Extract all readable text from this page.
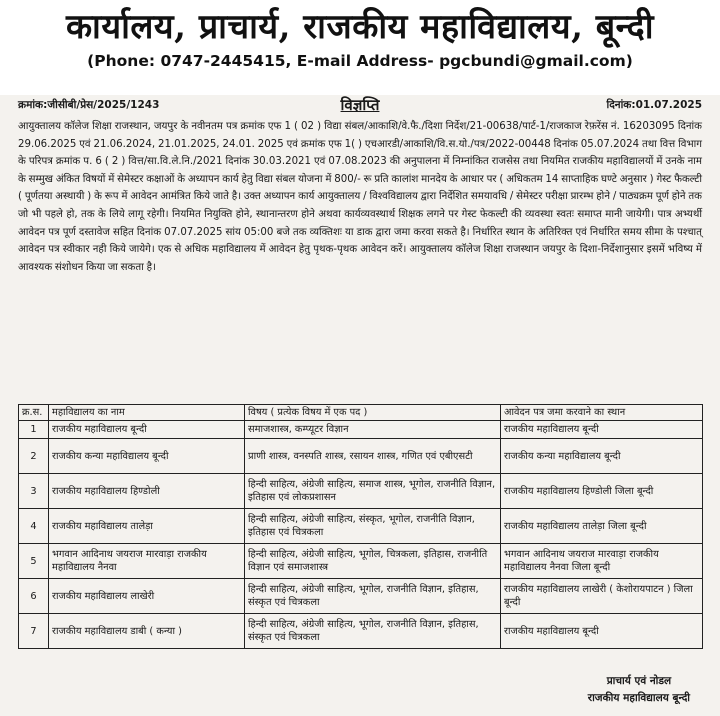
कार्यालय, प्राचार्य, राजकीय महाविद्यालय, बून्दी
(Phone: 0747-2445415, E-mail Address- pgcbundi@gmail.com)
क्रमांक:जीसीबी/प्रेस/2025/1243	विज्ञप्ति	दिनांक:01.07.2025
आयुक्तालय कॉलेज शिक्षा राजस्थान, जयपुर के नवीनतम पत्र क्रमांक एफ 1 ( 02 ) विद्या संबल/आकाशि/वे.फै./दिशा निर्देश/21-00638/पार्ट-1/राजकाज रेफ़रेंस नं. 16203095 दिनांक 29.06.2025 एवं 21.06.2024, 21.01.2025, 24.01. 2025 एवं क्रमांक एफ 1( ) एचआरडी/आकाशि/वि.स.यो./पत्र/2022-00448 दिनांक 05.07.2024 तथा वित्त विभाग के परिपत्र क्रमांक प. 6 ( 2 ) वित्त/सा.वि.ले.नि./2021 दिनांक 30.03.2021 एवं 07.08.2023 की अनुपालना में निम्नांकित राजसेस तथा नियमित राजकीय महाविद्यालयों में उनके नाम के सम्मुख अंकित विषयों में सेमेस्टर कक्षाओं के अध्यापन कार्य हेतु विद्या संबल योजना में 800/- रू प्रति कालांश मानदेय के आधार पर ( अधिकतम 14 साप्ताहिक घण्टे अनुसार ) गेस्ट फैकल्टी ( पूर्णतया अस्थायी ) के रूप में आवेदन आमंत्रित किये जाते है। उक्त अध्यापन कार्य आयुक्तालय / विश्वविद्यालय द्वारा निर्देशित समयावधि / सेमेस्टर परीक्षा प्रारम्भ होने / पाठ्यक्रम पूर्ण होने तक जो भी पहले हो, तक के लिये लागू रहेगी। नियमित नियुक्ति होने, स्थानान्तरण होने अथवा कार्यव्यवस्थार्थ शिक्षक लगने पर गेस्ट फेकल्टी की व्यवस्था स्वतः समाप्त मानी जायेगी। पात्र अभ्यर्थी आवेदन पत्र पूर्ण दस्तावेज सहित दिनांक 07.07.2025 सांय 05:00 बजे तक व्यक्तिशः या डाक द्वारा जमा करवा सकते है। निर्धारित स्थान के अतिरिक्त एवं निर्धारित समय सीमा के पश्चात् आवेदन पत्र स्वीकार नही किये जायेगे। एक से अधिक महाविद्यालय में आवेदन हेतु पृथक-पृथक आवेदन करें। आयुक्तालय कॉलेज शिक्षा राजस्थान जयपुर के दिशा-निर्देशानुसार इसमें भविष्य में आवश्यक संशोधन किया जा सकता है।
क्र.स.	महाविद्यालय का नाम	विषय ( प्रत्येक विषय में एक पद )	आवेदन पत्र जमा करवाने का स्थान
1	राजकीय महाविद्यालय बून्दी	समाजशास्त्र, कम्प्यूटर विज्ञान	राजकीय महाविद्यालय बून्दी
2	राजकीय कन्या महाविद्यालय बून्दी	प्राणी शास्त्र, वनस्पति शास्त्र, रसायन शास्त्र, गणित एवं एबीएसटी	राजकीय कन्या महाविद्यालय बून्दी
3	राजकीय महाविद्यालय हिण्डोली	हिन्दी साहित्य, अंग्रेजी साहित्य, समाज शास्त्र, भूगोल, राजनीति विज्ञान, इतिहास एवं लोकप्रशासन	राजकीय महाविद्यालय हिण्डोली जिला बून्दी
4	राजकीय महाविद्यालय तालेड़ा	हिन्दी साहित्य, अंग्रेजी साहित्य, संस्कृत, भूगोल, राजनीति विज्ञान, इतिहास एवं चित्रकला	राजकीय महाविद्यालय तालेड़ा जिला बून्दी
5	भगवान आदिनाथ जयराज मारवाड़ा राजकीय महाविद्यालय नैनवा	हिन्दी साहित्य, अंग्रेजी साहित्य, भूगोल, चित्रकला, इतिहास, राजनीति विज्ञान एवं समाजशास्त्र	भगवान आदिनाथ जयराज मारवाड़ा राजकीय महाविद्यालय नैनवा जिला बून्दी
6	राजकीय महाविद्यालय लाखेरी	हिन्दी साहित्य, अंग्रेजी साहित्य, भूगोल, राजनीति विज्ञान, इतिहास, संस्कृत एवं चित्रकला	राजकीय महाविद्यालय लाखेरी ( केशोरायपाटन ) जिला बून्दी
7	राजकीय महाविद्यालय डाबी ( कन्या )	हिन्दी साहित्य, अंग्रेजी साहित्य, भूगोल, राजनीति विज्ञान, इतिहास, संस्कृत एवं चित्रकला	राजकीय महाविद्यालय बून्दी
प्राचार्य एवं नोडल
राजकीय महाविद्यालय बून्दी
